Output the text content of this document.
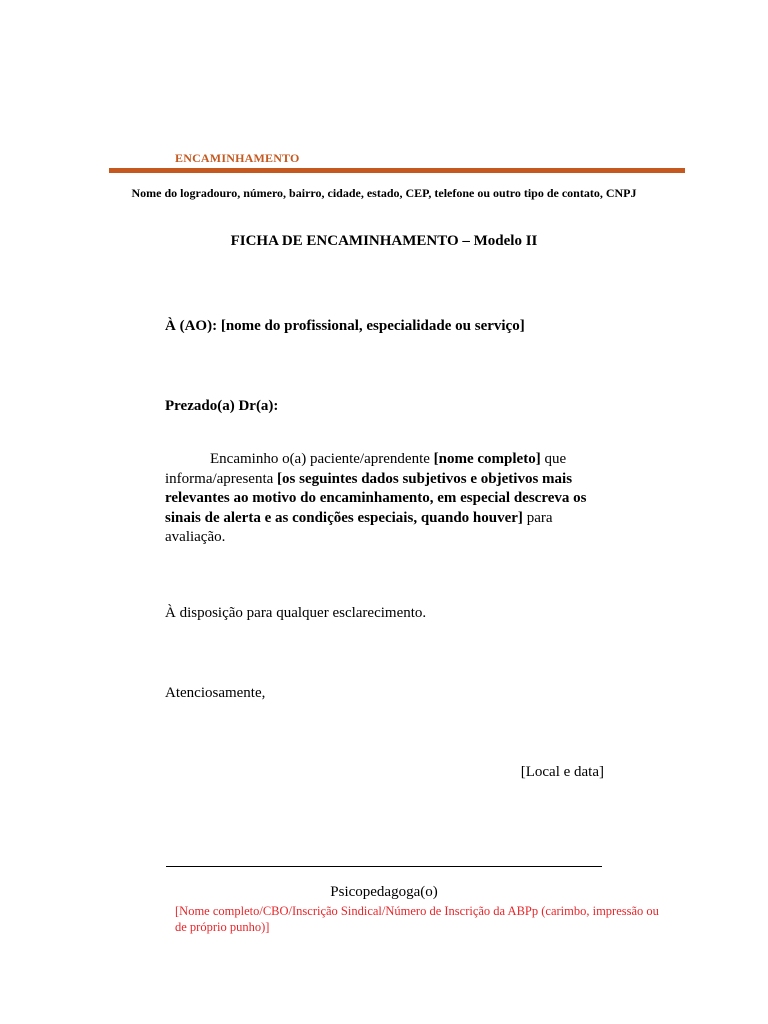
ENCAMINHAMENTO
Nome do logradouro, número, bairro, cidade, estado, CEP, telefone ou outro tipo de contato, CNPJ
FICHA DE ENCAMINHAMENTO – Modelo II
À (AO): [nome do profissional, especialidade ou serviço]
Prezado(a) Dr(a):
Encaminho o(a) paciente/aprendente [nome completo] que informa/apresenta [os seguintes dados subjetivos e objetivos mais relevantes ao motivo do encaminhamento, em especial descreva os sinais de alerta e as condições especiais, quando houver] para avaliação.
À disposição para qualquer esclarecimento.
Atenciosamente,
[Local e data]
Psicopedagoga(o)
[Nome completo/CBO/Inscrição Sindical/Número de Inscrição da ABPp (carimbo, impressão ou de próprio punho)]
